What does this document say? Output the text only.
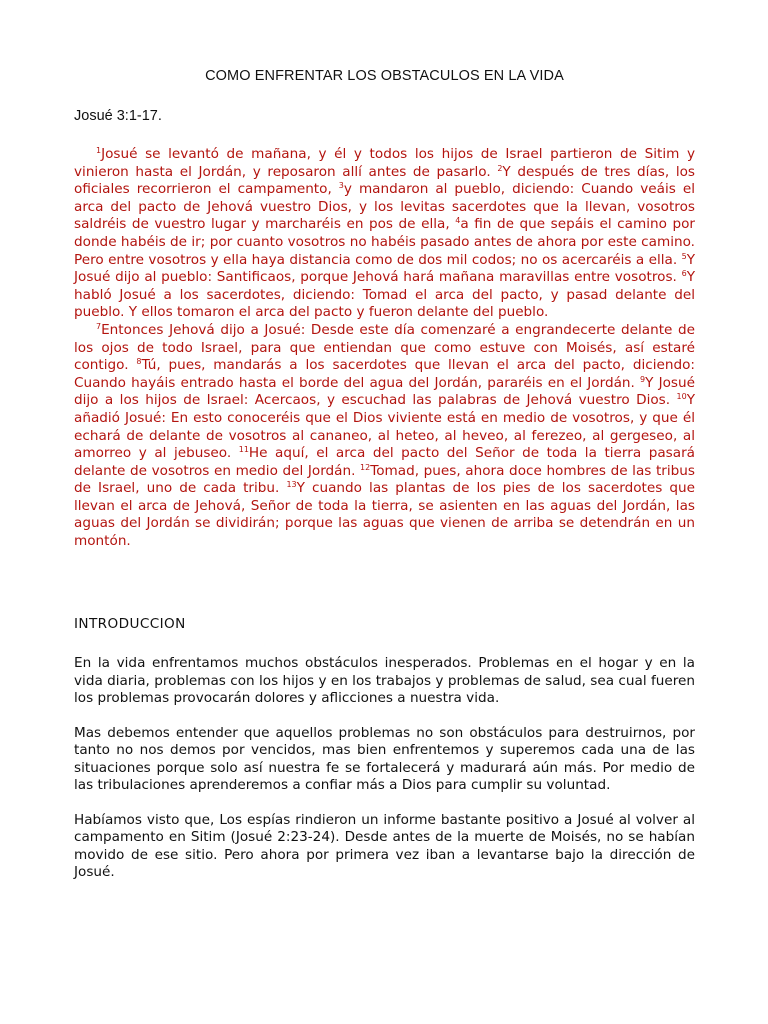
COMO ENFRENTAR LOS OBSTACULOS EN LA VIDA
Josué 3:1-17.

$^1$Josué se levantó de mañana, y él y todos los hijos de Israel partieron de Sitim y vinieron hasta el Jordán, y reposaron allí antes de pasarlo. $^2$Y después de tres días, los oficiales recorrieron el campamento, $^3$y mandaron al pueblo, diciendo: Cuando veáis el arca del pacto de Jehová vuestro Dios, y los levitas sacerdotes que la llevan, vosotros saldréis de vuestro lugar y marcharéis en pos de ella, $^4$a fin de que sepáis el camino por donde habéis de ir; por cuanto vosotros no habéis pasado antes de ahora por este camino. Pero entre vosotros y ella haya distancia como de dos mil codos; no os acercaréis a ella. $^5$Y Josué dijo al pueblo: Santificaos, porque Jehová hará mañana maravillas entre vosotros. $^6$Y habló Josué a los sacerdotes, diciendo: Tomad el arca del pacto, y pasad delante del pueblo. Y ellos tomaron el arca del pacto y fueron delante del pueblo.

$^7$Entonces Jehová dijo a Josué: Desde este día comenzaré a engrandecerte delante de los ojos de todo Israel, para que entiendan que como estuve con Moisés, así estaré contigo. $^8$Tú, pues, mandarás a los sacerdotes que llevan el arca del pacto, diciendo: Cuando hayáis entrado hasta el borde del agua del Jordán, pararéis en el Jordán. $^9$Y Josué dijo a los hijos de Israel: Acercaos, y escuchad las palabras de Jehová vuestro Dios. $^{10}$Y añadió Josué: En esto conoceréis que el Dios viviente está en medio de vosotros, y que él echará de delante de vosotros al cananeo, al heteo, al heveo, al ferezeo, al gergeseo, al amorreo y al jebuseo. $^{11}$He aquí, el arca del pacto del Señor de toda la tierra pasará delante de vosotros en medio del Jordán. $^{12}$Tomad, pues, ahora doce hombres de las tribus de Israel, uno de cada tribu. $^{13}$Y cuando las plantas de los pies de los sacerdotes que llevan el arca de Jehová, Señor de toda la tierra, se asienten en las aguas del Jordán, las aguas del Jordán se dividirán; porque las aguas que vienen de arriba se detendrán en un montón.

INTRODUCCION

En la vida enfrentamos muchos obstáculos inesperados. Problemas en el hogar y en la vida diaria, problemas con los hijos y en los trabajos y problemas de salud, sea cual fueren los problemas provocarán dolores y aflicciones a nuestra vida.

Mas debemos entender que aquellos problemas no son obstáculos para destruirnos, por tanto no nos demos por vencidos, mas bien enfrentemos y superemos cada una de las situaciones porque solo así nuestra fe se fortalecerá y madurará aún más. Por medio de las tribulaciones aprenderemos a confiar más a Dios para cumplir su voluntad.

Habíamos visto que, Los espías rindieron un informe bastante positivo a Josué al volver al campamento en Sitim (Josué 2:23-24). Desde antes de la muerte de Moisés, no se habían movido de ese sitio. Pero ahora por primera vez iban a levantarse bajo la dirección de Josué.
